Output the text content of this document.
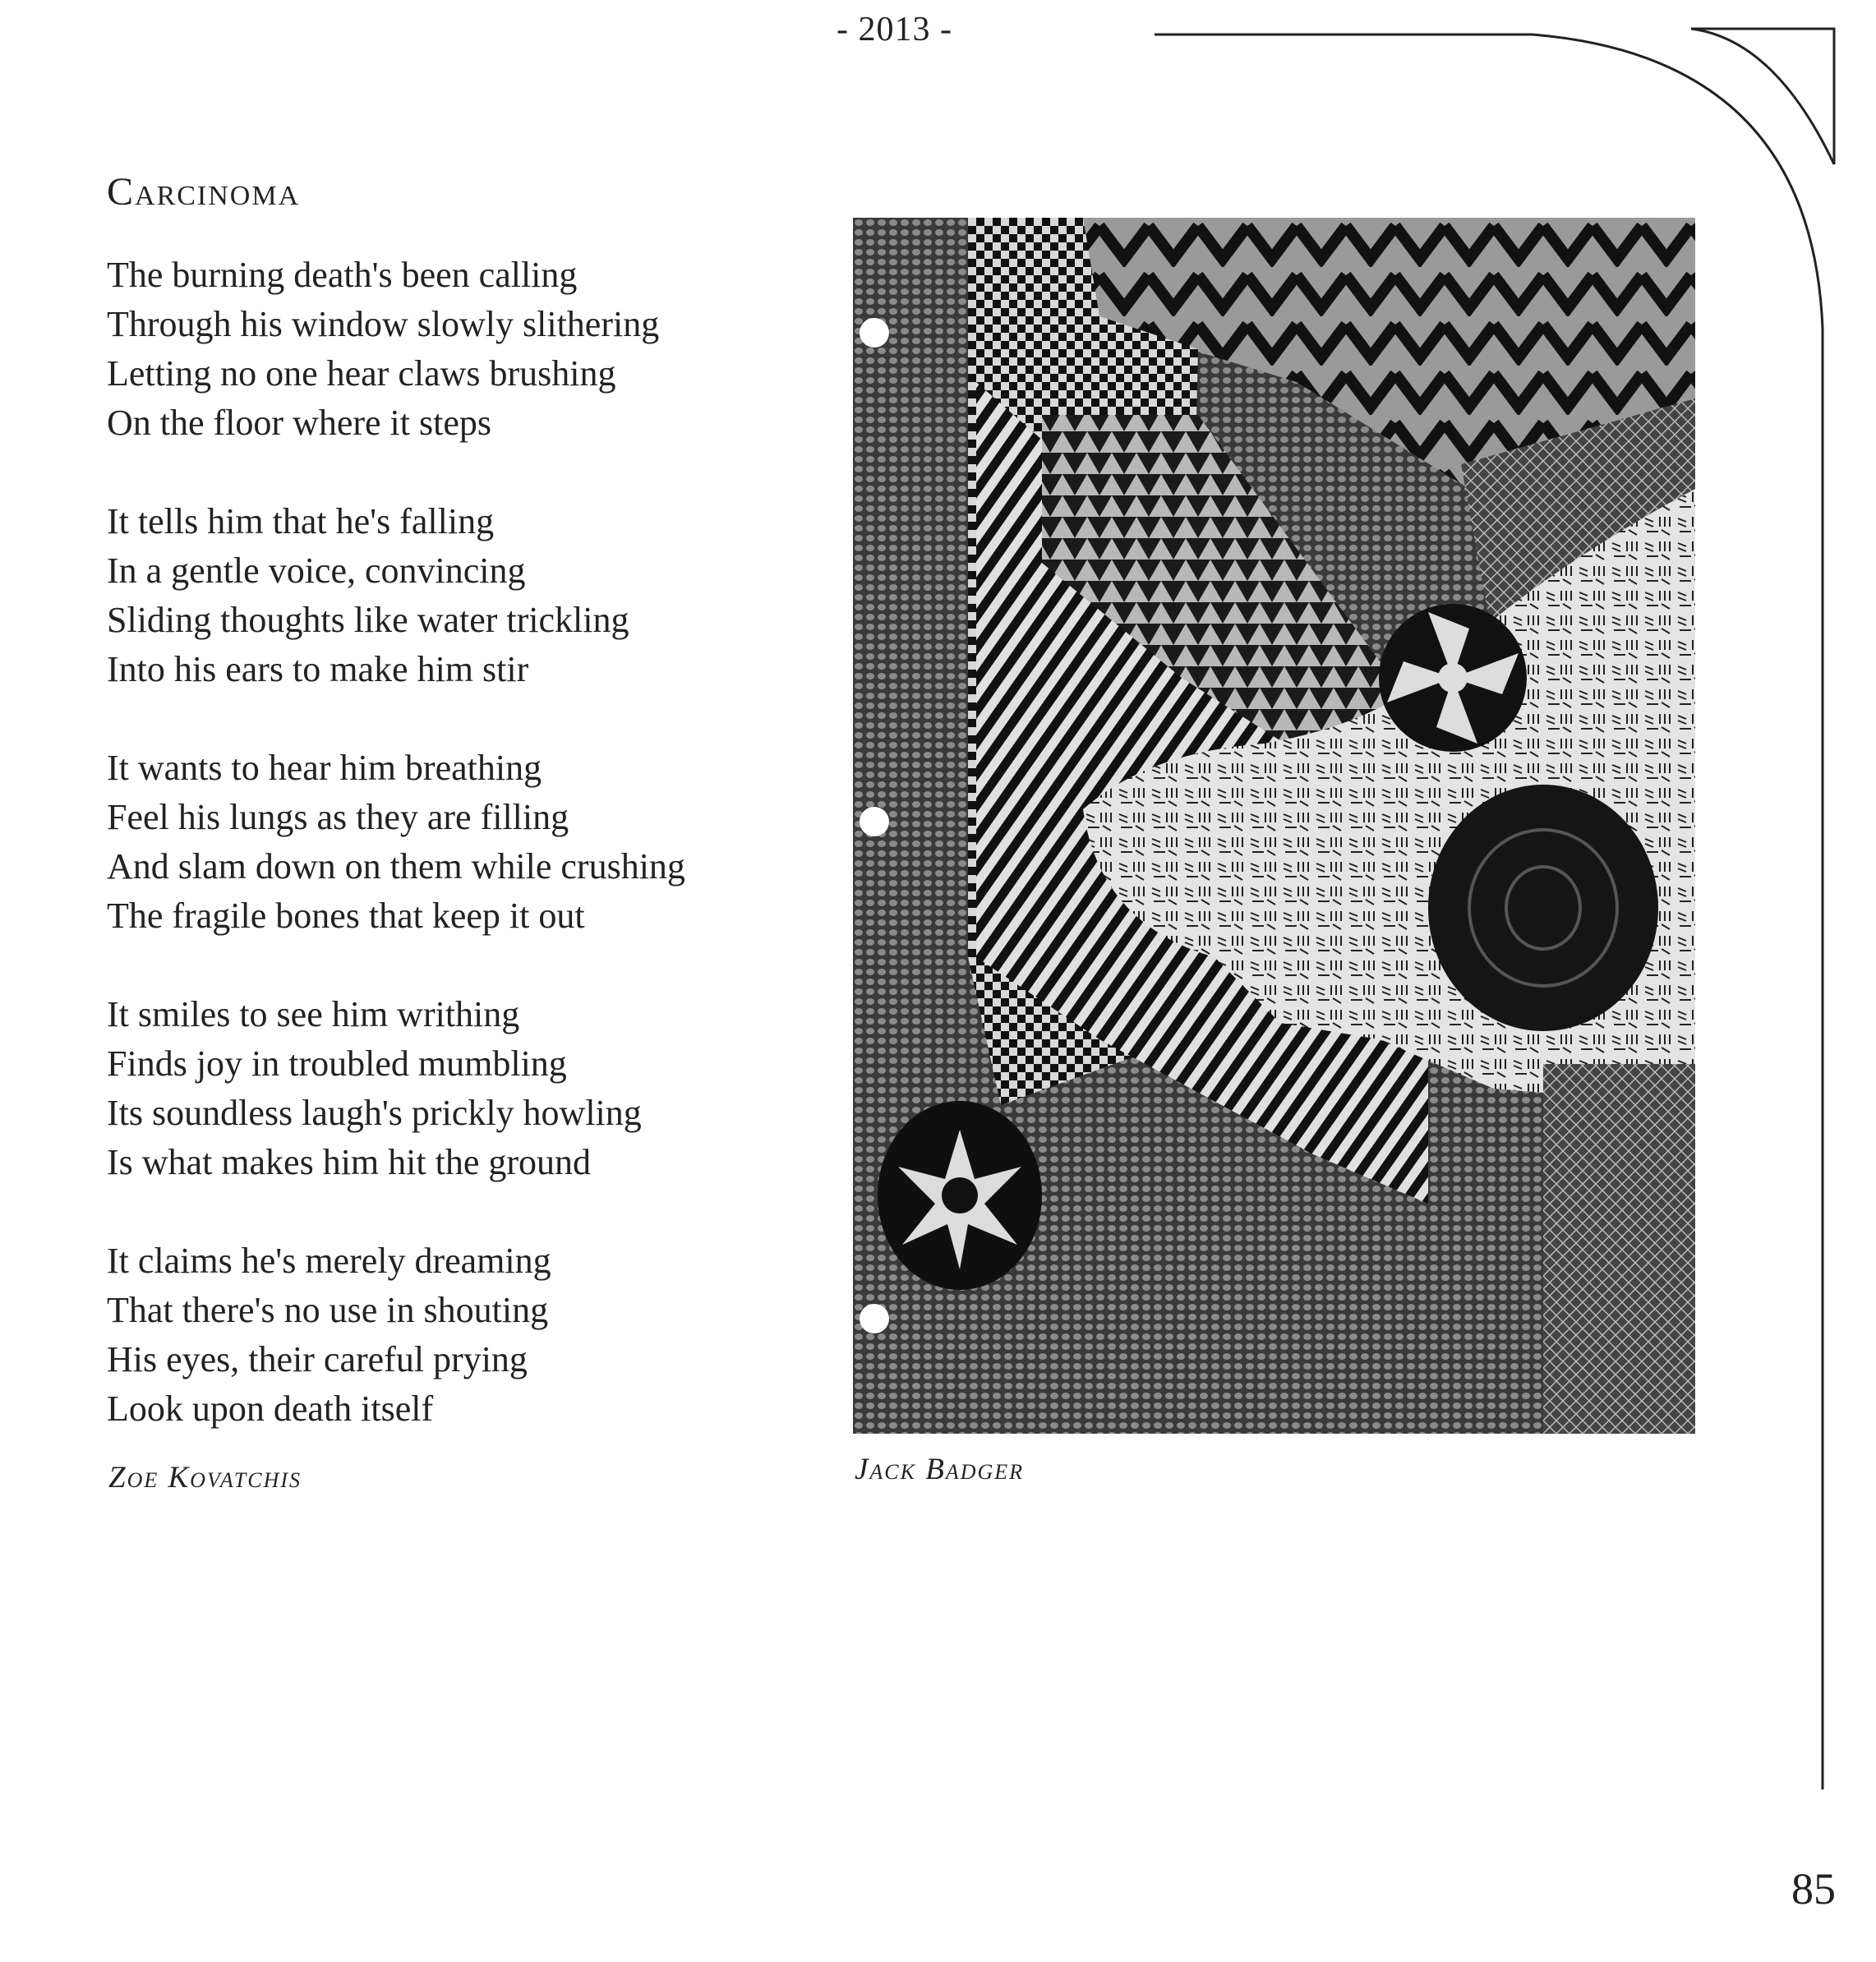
- 2013 -
Carcinoma
The burning death's been calling
Through his window slowly slithering
Letting no one hear claws brushing
On the floor where it steps
It tells him that he's falling
In a gentle voice, convincing
Sliding thoughts like water trickling
Into his ears to make him stir
It wants to hear him breathing
Feel his lungs as they are filling
And slam down on them while crushing
The fragile bones that keep it out
It smiles to see him writhing
Finds joy in troubled mumbling
Its soundless laugh's prickly howling
Is what makes him hit the ground
It claims he's merely dreaming
That there's no use in shouting
His eyes, their careful prying
Look upon death itself
Zoe Kovatchis	Jack Badger
85
